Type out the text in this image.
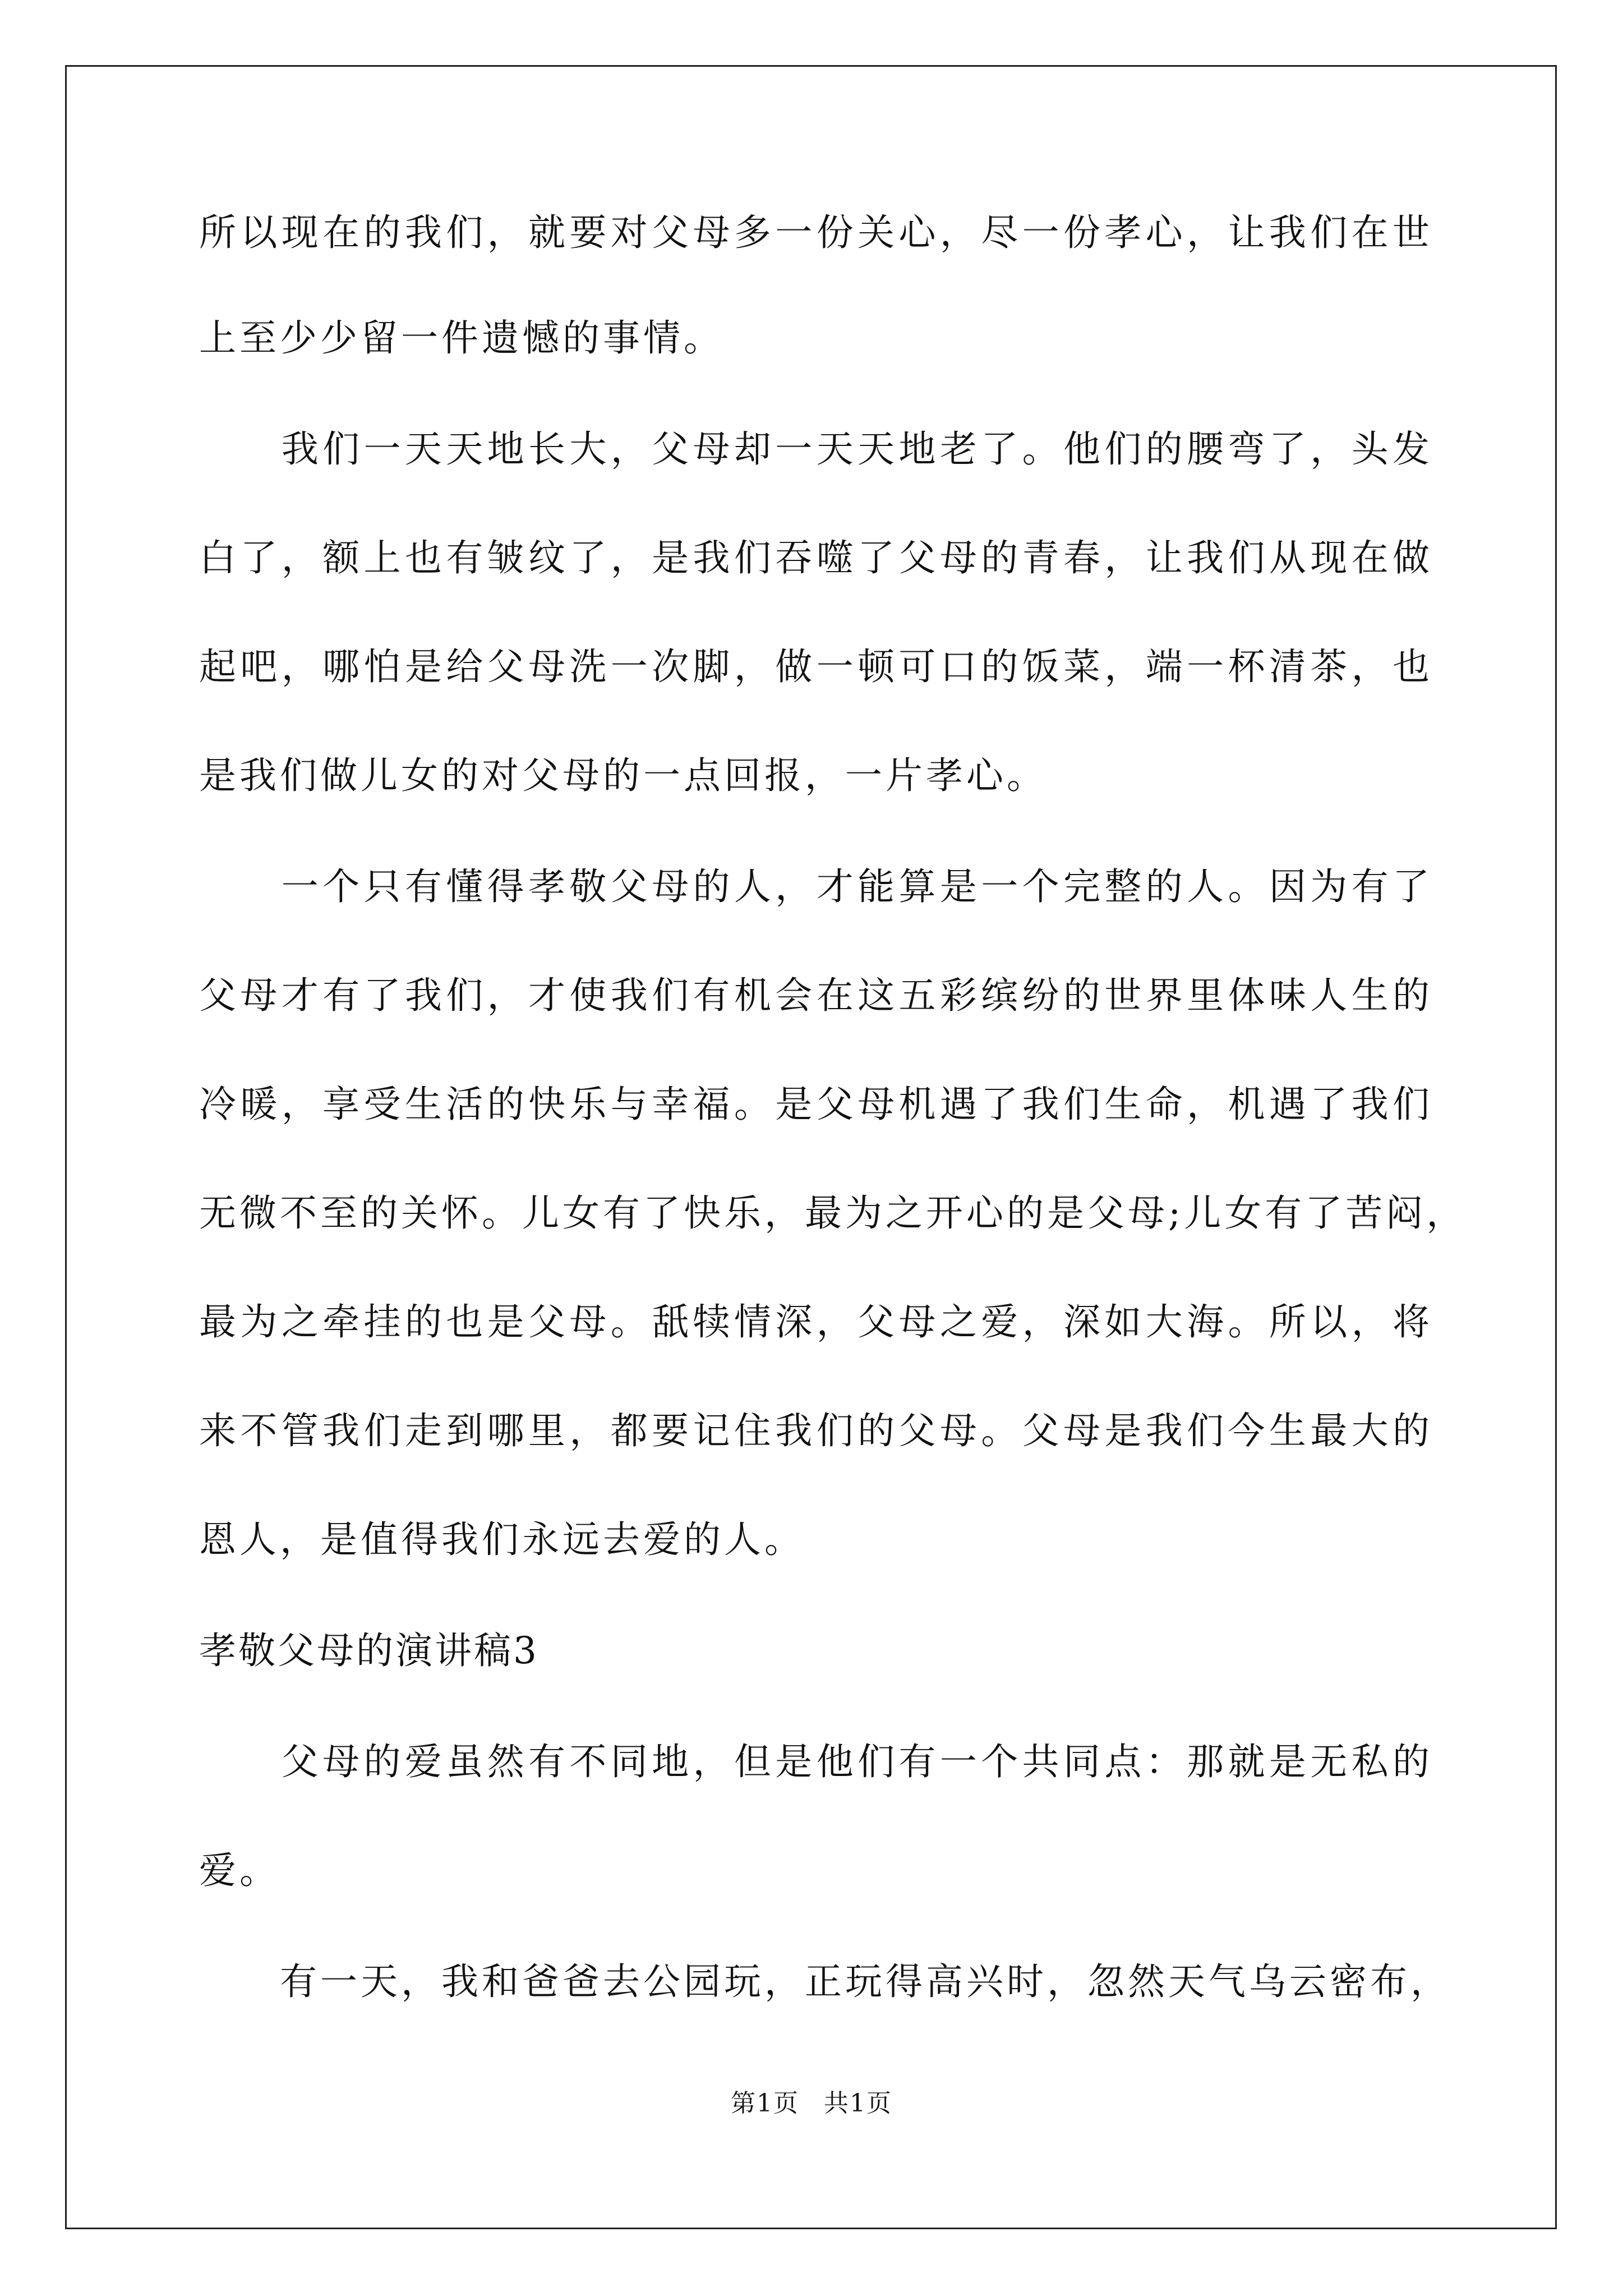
所以现在的我们，就要对父母多一份关心，尽一份孝心，让我们在世
上至少少留一件遗憾的事情。
　　我们一天天地长大，父母却一天天地老了。他们的腰弯了，头发
白了，额上也有皱纹了，是我们吞噬了父母的青春，让我们从现在做
起吧，哪怕是给父母洗一次脚，做一顿可口的饭菜，端一杯清茶，也
是我们做儿女的对父母的一点回报，一片孝心。
　　一个只有懂得孝敬父母的人，才能算是一个完整的人。因为有了
父母才有了我们，才使我们有机会在这五彩缤纷的世界里体味人生的
冷暖，享受生活的快乐与幸福。是父母机遇了我们生命，机遇了我们
无微不至的关怀。儿女有了快乐，最为之开心的是父母;儿女有了苦闷，
最为之牵挂的也是父母。舐犊情深，父母之爱，深如大海。所以，将
来不管我们走到哪里，都要记住我们的父母。父母是我们今生最大的
恩人，是值得我们永远去爱的人。
孝敬父母的演讲稿3
　　父母的爱虽然有不同地，但是他们有一个共同点：那就是无私的
爱。
　　有一天，我和爸爸去公园玩，正玩得高兴时，忽然天气乌云密布，
第1页 共1页
